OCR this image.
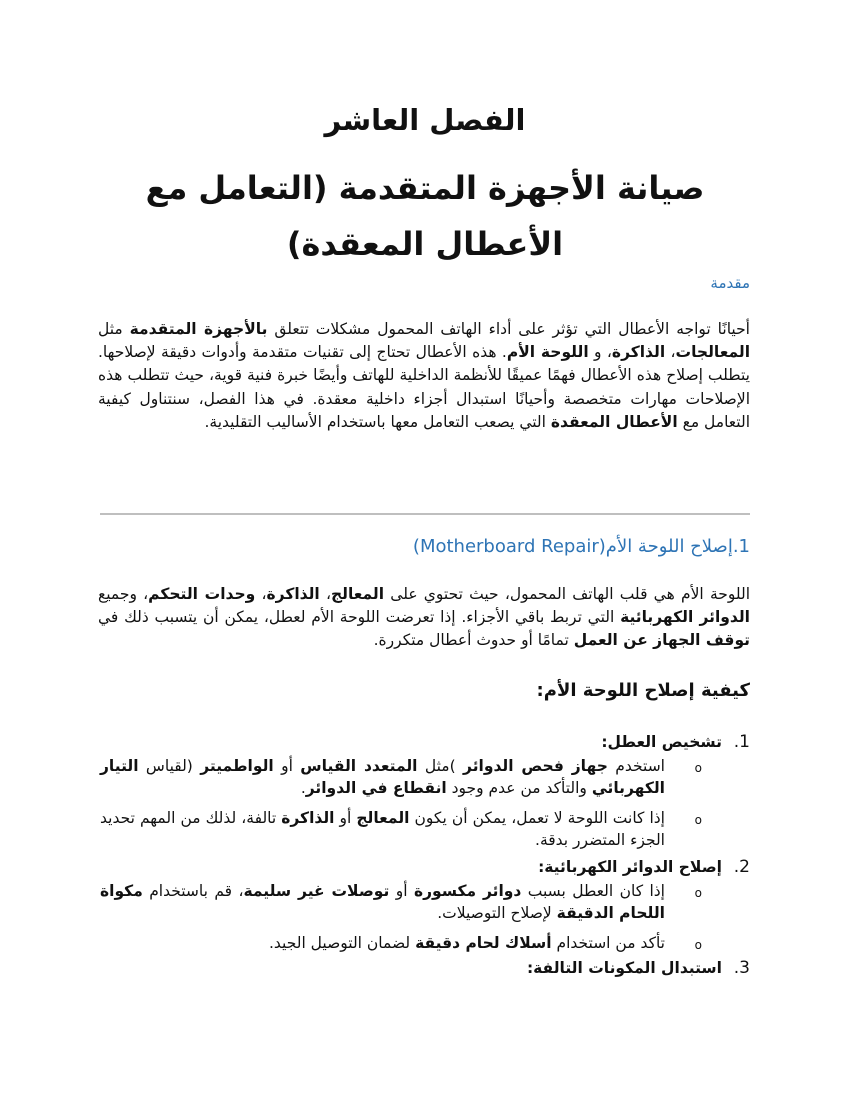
الفصل العاشر
صيانة الأجهزة المتقدمة (التعامل مع الأعطال المعقدة)
مقدمة

أحيانًا تواجه الأعطال التي تؤثر على أداء الهاتف المحمول مشكلات تتعلق بالأجهزة المتقدمة مثل المعالجات، الذاكرة، و اللوحة الأم. هذه الأعطال تحتاج إلى تقنيات متقدمة وأدوات دقيقة لإصلاحها. يتطلب إصلاح هذه الأعطال فهمًا عميقًا للأنظمة الداخلية للهاتف وأيضًا خبرة فنية قوية، حيث تتطلب هذه الإصلاحات مهارات متخصصة وأحيانًا استبدال أجزاء داخلية معقدة. في هذا الفصل، سنتناول كيفية التعامل مع الأعطال المعقدة التي يصعب التعامل معها باستخدام الأساليب التقليدية.

1.إصلاح اللوحة الأم(Motherboard Repair)

اللوحة الأم هي قلب الهاتف المحمول، حيث تحتوي على المعالج، الذاكرة، وحدات التحكم، وجميع الدوائر الكهربائية التي تربط باقي الأجزاء. إذا تعرضت اللوحة الأم لعطل، يمكن أن يتسبب ذلك في توقف الجهاز عن العمل تمامًا أو حدوث أعطال متكررة.

كيفية إصلاح اللوحة الأم:
1.
تشخيص العطل:
o
استخدم جهاز فحص الدوائر )مثل المتعدد القياس أو الواطميتر (لقياس التيار الكهربائي والتأكد من عدم وجود انقطاع في الدوائر.
o
إذا كانت اللوحة لا تعمل، يمكن أن يكون المعالج أو الذاكرة تالفة، لذلك من المهم تحديد الجزء المتضرر بدقة.
2.
إصلاح الدوائر الكهربائية:
o
إذا كان العطل بسبب دوائر مكسورة أو توصلات غير سليمة، قم باستخدام مكواة اللحام الدقيقة لإصلاح التوصيلات.
o
تأكد من استخدام أسلاك لحام دقيقة لضمان التوصيل الجيد.
3.
استبدال المكونات التالفة:
